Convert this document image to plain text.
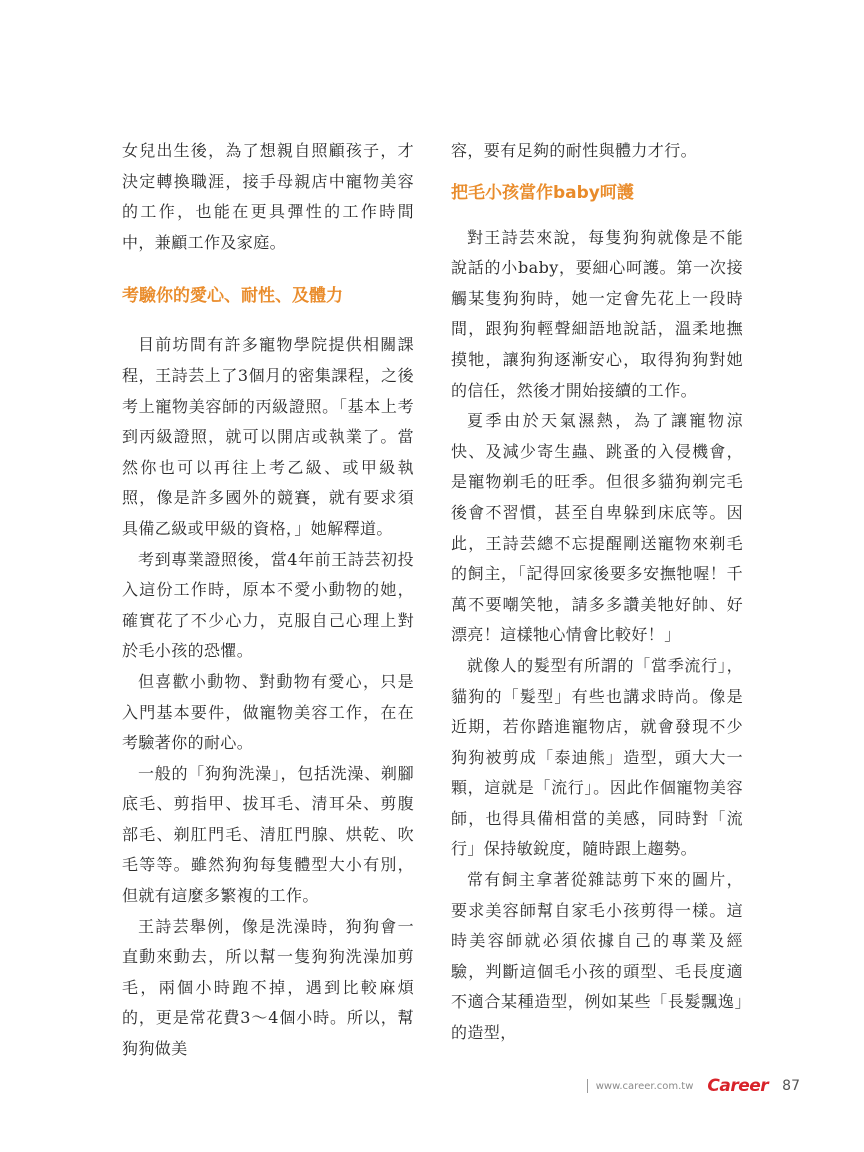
女兒出生後，為了想親自照顧孩子，才決定轉換職涯，接手母親店中寵物美容的工作，也能在更具彈性的工作時間中，兼顧工作及家庭。

考驗你的愛心、耐性、及體力

目前坊間有許多寵物學院提供相關課程，王詩芸上了3個月的密集課程，之後考上寵物美容師的丙級證照。「基本上考到丙級證照，就可以開店或執業了。當然你也可以再往上考乙級、或甲級執照，像是許多國外的競賽，就有要求須具備乙級或甲級的資格，」她解釋道。

考到專業證照後，當4年前王詩芸初投入這份工作時，原本不愛小動物的她，確實花了不少心力，克服自己心理上對於毛小孩的恐懼。

但喜歡小動物、對動物有愛心，只是入門基本要件，做寵物美容工作，在在考驗著你的耐心。

一般的「狗狗洗澡」，包括洗澡、剃腳底毛、剪指甲、拔耳毛、清耳朵、剪腹部毛、剃肛門毛、清肛門腺、烘乾、吹毛等等。雖然狗狗每隻體型大小有別，但就有這麼多繁複的工作。

王詩芸舉例，像是洗澡時，狗狗會一直動來動去，所以幫一隻狗狗洗澡加剪毛，兩個小時跑不掉，遇到比較麻煩的，更是常花費3～4個小時。所以，幫狗狗做美

容，要有足夠的耐性與體力才行。

把毛小孩當作baby呵護

對王詩芸來說，每隻狗狗就像是不能說話的小baby，要細心呵護。第一次接觸某隻狗狗時，她一定會先花上一段時間，跟狗狗輕聲細語地說話，溫柔地撫摸牠，讓狗狗逐漸安心，取得狗狗對她的信任，然後才開始接續的工作。

夏季由於天氣濕熱，為了讓寵物涼快、及減少寄生蟲、跳蚤的入侵機會，是寵物剃毛的旺季。但很多貓狗剃完毛後會不習慣，甚至自卑躲到床底等。因此，王詩芸總不忘提醒剛送寵物來剃毛的飼主，「記得回家後要多安撫牠喔！千萬不要嘲笑牠，請多多讚美牠好帥、好漂亮！這樣牠心情會比較好！」

就像人的髮型有所謂的「當季流行」，貓狗的「髮型」有些也講求時尚。像是近期，若你踏進寵物店，就會發現不少狗狗被剪成「泰迪熊」造型，頭大大一顆，這就是「流行」。因此作個寵物美容師，也得具備相當的美感，同時對「流行」保持敏銳度，隨時跟上趨勢。

常有飼主拿著從雜誌剪下來的圖片，要求美容師幫自家毛小孩剪得一樣。這時美容師就必須依據自己的專業及經驗，判斷這個毛小孩的頭型、毛長度適不適合某種造型，例如某些「長髮飄逸」的造型，

www.career.com.tw Career 87
